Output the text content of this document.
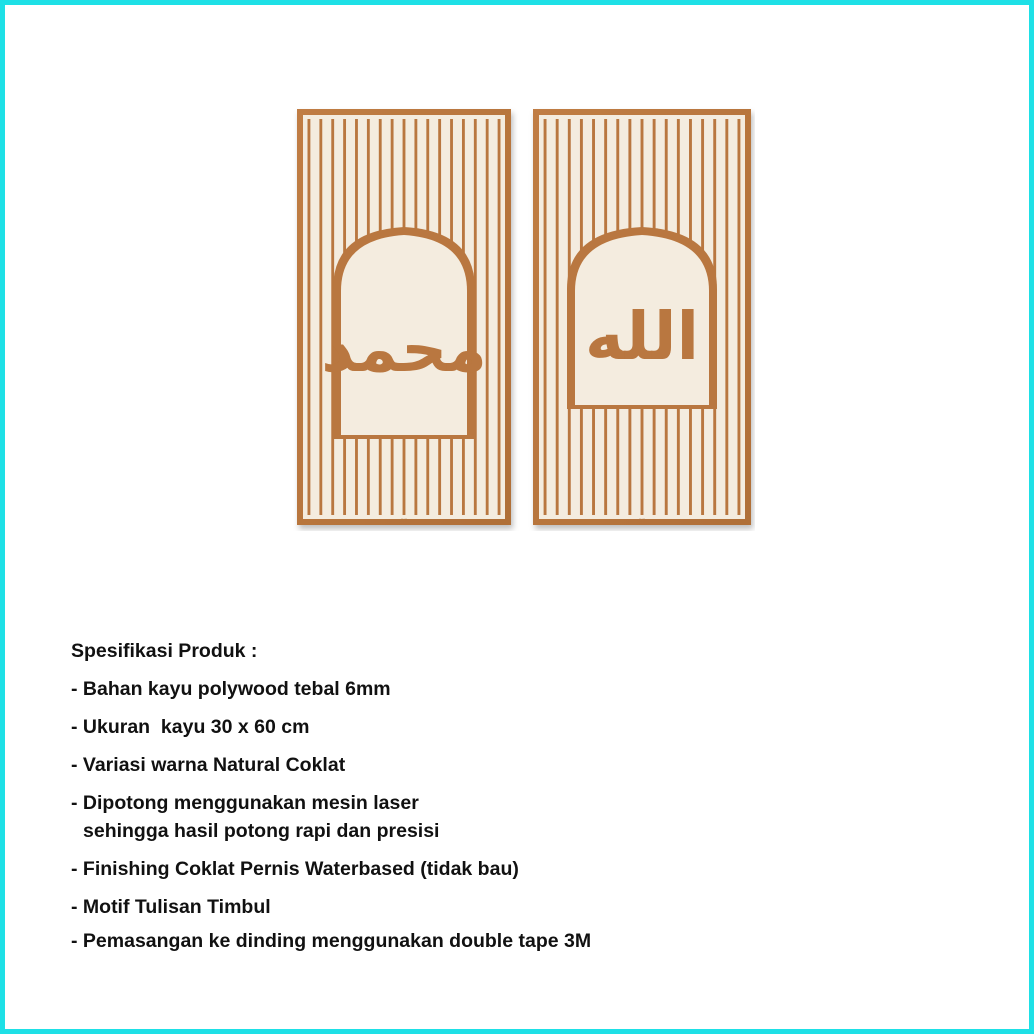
محمد
·····
الله
·····
Spesifikasi Produk :
- Bahan kayu polywood tebal 6mm
- Ukuran  kayu 30 x 60 cm
- Variasi warna Natural Coklat
- Dipotong menggunakan mesin laser
sehingga hasil potong rapi dan presisi
- Finishing Coklat Pernis Waterbased (tidak bau)
- Motif Tulisan Timbul
- Pemasangan ke dinding menggunakan double tape 3M
